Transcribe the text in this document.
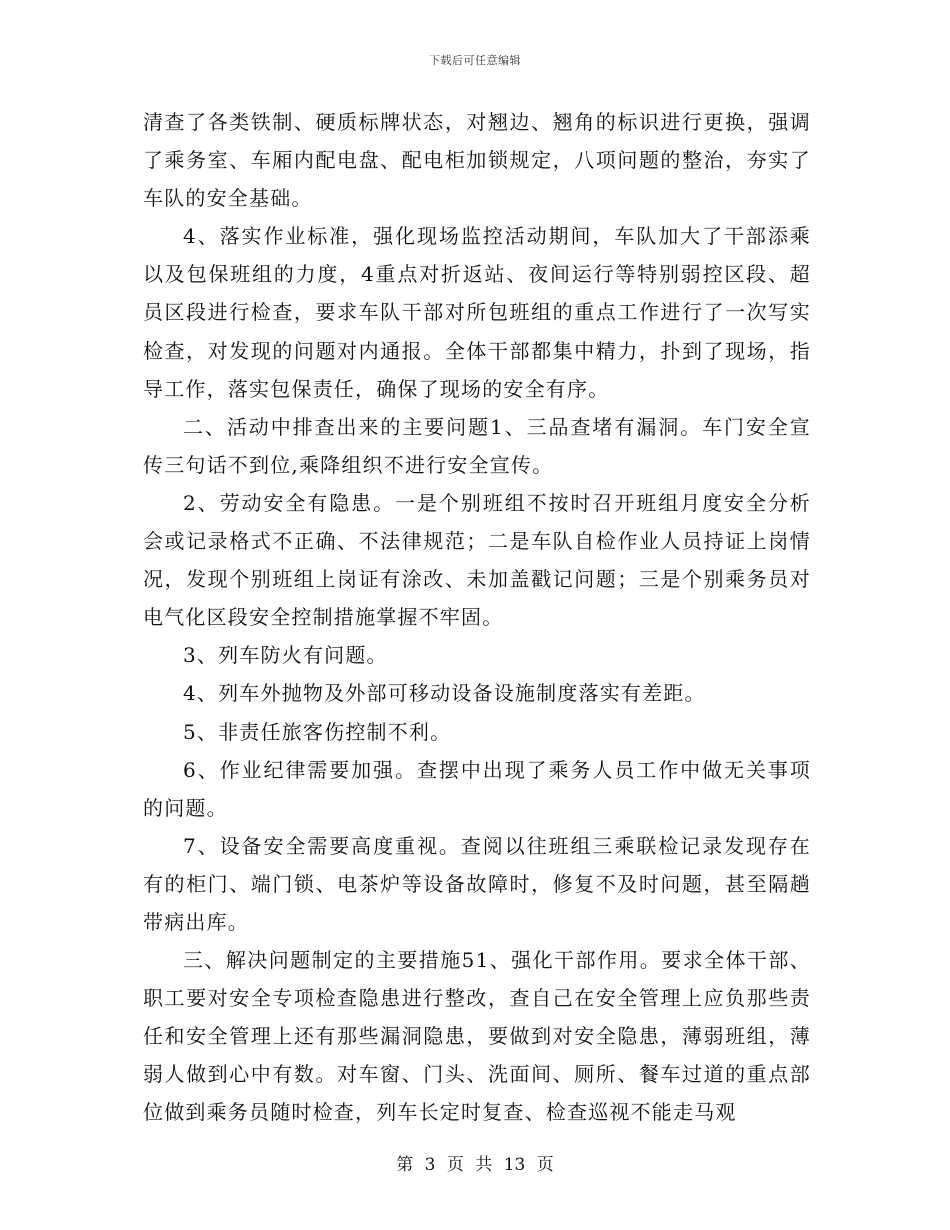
下载后可任意编辑

清查了各类铁制、硬质标牌状态，对翘边、翘角的标识进行更换，强调了乘务室、车厢内配电盘、配电柜加锁规定，八项问题的整治，夯实了车队的安全基础。

4、落实作业标准，强化现场监控活动期间，车队加大了干部添乘以及包保班组的力度，4重点对折返站、夜间运行等特别弱控区段、超员区段进行检查，要求车队干部对所包班组的重点工作进行了一次写实检查，对发现的问题对内通报。全体干部都集中精力，扑到了现场，指导工作，落实包保责任，确保了现场的安全有序。

二、活动中排查出来的主要问题1、三品查堵有漏洞。车门安全宣传三句话不到位,乘降组织不进行安全宣传。

2、劳动安全有隐患。一是个别班组不按时召开班组月度安全分析会或记录格式不正确、不法律规范；二是车队自检作业人员持证上岗情况，发现个别班组上岗证有涂改、未加盖戳记问题；三是个别乘务员对电气化区段安全控制措施掌握不牢固。

3、列车防火有问题。

4、列车外抛物及外部可移动设备设施制度落实有差距。

5、非责任旅客伤控制不利。

6、作业纪律需要加强。查摆中出现了乘务人员工作中做无关事项的问题。

7、设备安全需要高度重视。查阅以往班组三乘联检记录发现存在有的柜门、端门锁、电茶炉等设备故障时，修复不及时问题，甚至隔趟带病出库。

三、解决问题制定的主要措施51、强化干部作用。要求全体干部、职工要对安全专项检查隐患进行整改，查自己在安全管理上应负那些责任和安全管理上还有那些漏洞隐患，要做到对安全隐患，薄弱班组，薄弱人做到心中有数。对车窗、门头、洗面间、厕所、餐车过道的重点部位做到乘务员随时检查，列车长定时复查、检查巡视不能走马观

第 3 页 共 13 页
